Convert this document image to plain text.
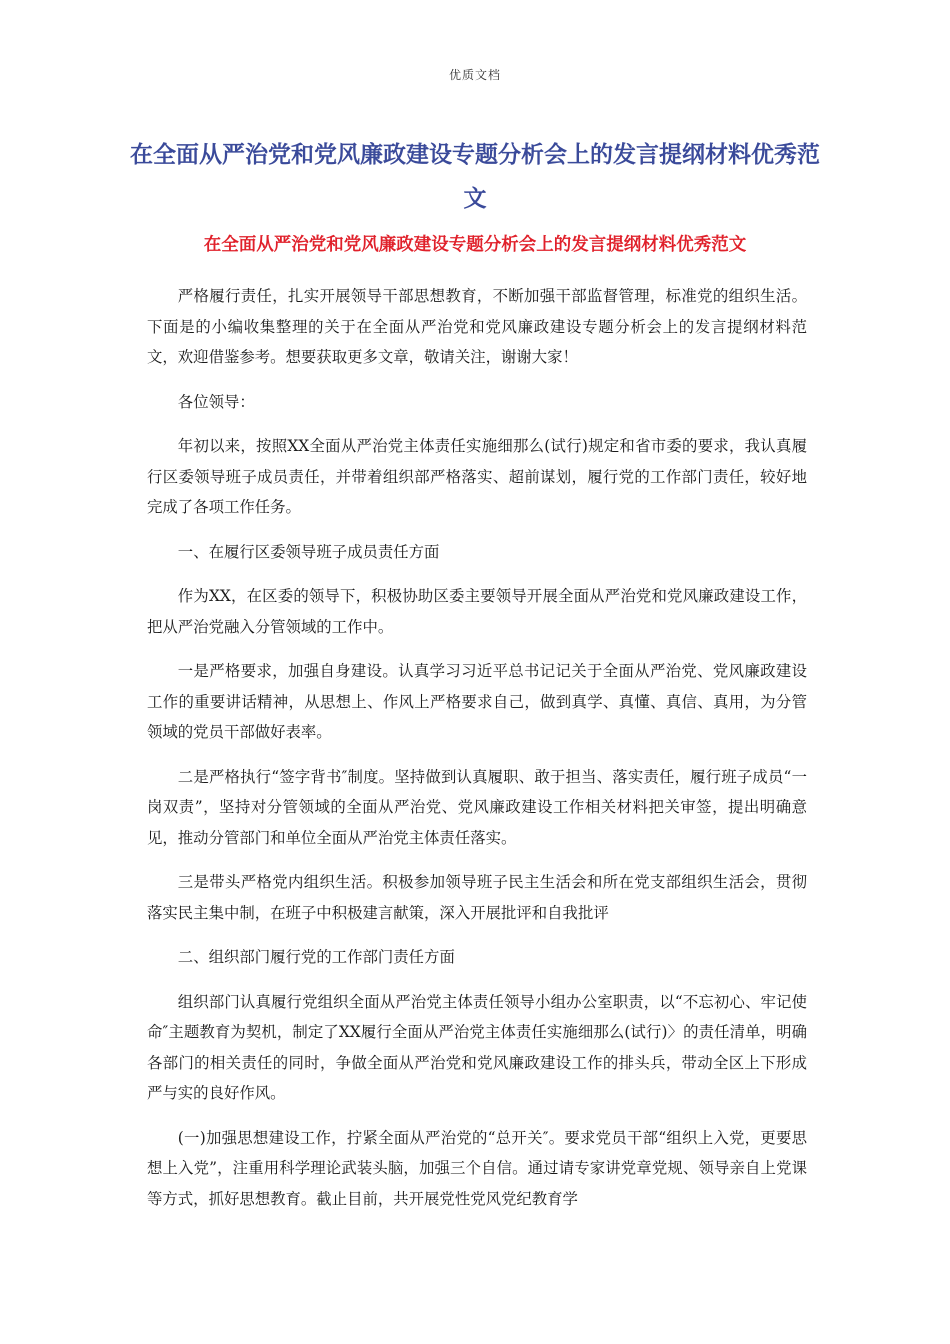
优质文档
在全面从严治党和党风廉政建设专题分析会上的发言提纲材料优秀范文
在全面从严治党和党风廉政建设专题分析会上的发言提纲材料优秀范文

严格履行责任，扎实开展领导干部思想教育，不断加强干部监督管理，标准党的组织生活。下面是的小编收集整理的关于在全面从严治党和党风廉政建设专题分析会上的发言提纲材料范文，欢迎借鉴参考。想要获取更多文章，敬请关注，谢谢大家！

各位领导：

年初以来，按照XX全面从严治党主体责任实施细那么(试行)规定和省市委的要求，我认真履行区委领导班子成员责任，并带着组织部严格落实、超前谋划，履行党的工作部门责任，较好地完成了各项工作任务。

一、在履行区委领导班子成员责任方面

作为XX，在区委的领导下，积极协助区委主要领导开展全面从严治党和党风廉政建设工作，把从严治党融入分管领域的工作中。

一是严格要求，加强自身建设。认真学习习近平总书记记关于全面从严治党、党风廉政建设工作的重要讲话精神，从思想上、作风上严格要求自己，做到真学、真懂、真信、真用，为分管领域的党员干部做好表率。

二是严格执行“签字背书″制度。坚持做到认真履职、敢于担当、落实责任，履行班子成员“一岗双责”，坚持对分管领域的全面从严治党、党风廉政建设工作相关材料把关审签，提出明确意见，推动分管部门和单位全面从严治党主体责任落实。

三是带头严格党内组织生活。积极参加领导班子民主生活会和所在党支部组织生活会，贯彻落实民主集中制，在班子中积极建言献策，深入开展批评和自我批评

二、组织部门履行党的工作部门责任方面

组织部门认真履行党组织全面从严治党主体责任领导小组办公室职责，以“不忘初心、牢记使命″主题教育为契机，制定了XX履行全面从严治党主体责任实施细那么(试行)〉的责任清单，明确各部门的相关责任的同时，争做全面从严治党和党风廉政建设工作的排头兵，带动全区上下形成严与实的良好作风。

(一)加强思想建设工作，拧紧全面从严治党的“总开关″。要求党员干部“组织上入党，更要思想上入党”，注重用科学理论武装头脑，加强三个自信。通过请专家讲党章党规、领导亲自上党课等方式，抓好思想教育。截止目前，共开展党性党风党纪教育学
